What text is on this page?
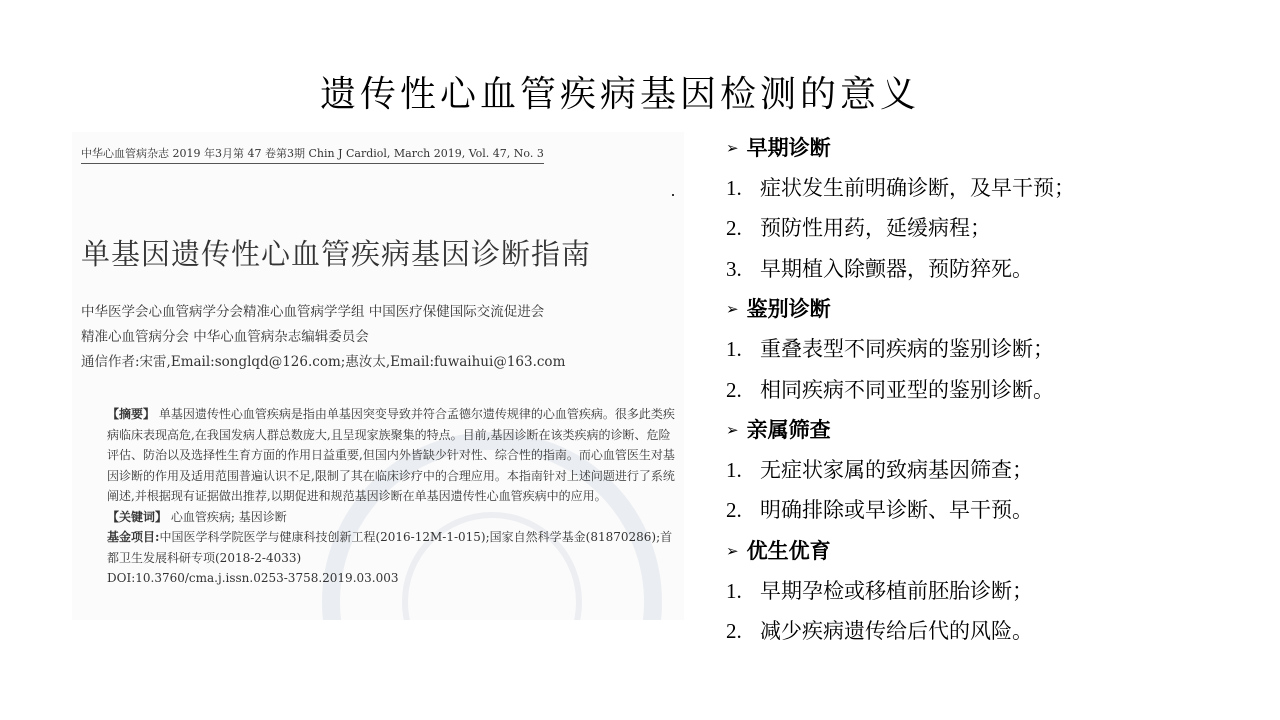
遗传性心血管疾病基因检测的意义
中华心血管病杂志 2019 年3月第 47 卷第3期 Chin J Cardiol, March 2019, Vol. 47, No. 3
单基因遗传性心血管疾病基因诊断指南
中华医学会心血管病学分会精准心血管病学学组 中国医疗保健国际交流促进会
精准心血管病分会 中华心血管病杂志编辑委员会
通信作者:宋雷,Email:songlqd@126.com;惠汝太,Email:fuwaihui@163.com

【摘要】 单基因遗传性心血管疾病是指由单基因突变导致并符合孟德尔遗传规律的心血管疾病。很多此类疾病临床表现高危,在我国发病人群总数庞大,且呈现家族聚集的特点。目前,基因诊断在该类疾病的诊断、危险评估、防治以及选择性生育方面的作用日益重要,但国内外皆缺少针对性、综合性的指南。而心血管医生对基因诊断的作用及适用范围普遍认识不足,限制了其在临床诊疗中的合理应用。本指南针对上述问题进行了系统阐述,并根据现有证据做出推荐,以期促进和规范基因诊断在单基因遗传性心血管疾病中的应用。

【关键词】 心血管疾病; 基因诊断

基金项目:中国医学科学院医学与健康科技创新工程(2016-12M-1-015);国家自然科学基金(81870286);首都卫生发展科研专项(2018-2-4033)

DOI:10.3760/cma.j.issn.0253-3758.2019.03.003

➢ 早期诊断
1. 症状发生前明确诊断，及早干预；
2. 预防性用药，延缓病程；
3. 早期植入除颤器，预防猝死。
➢ 鉴别诊断
1. 重叠表型不同疾病的鉴别诊断；
2. 相同疾病不同亚型的鉴别诊断。
➢ 亲属筛查
1. 无症状家属的致病基因筛查；
2. 明确排除或早诊断、早干预。
➢ 优生优育
1. 早期孕检或移植前胚胎诊断；
2. 减少疾病遗传给后代的风险。
